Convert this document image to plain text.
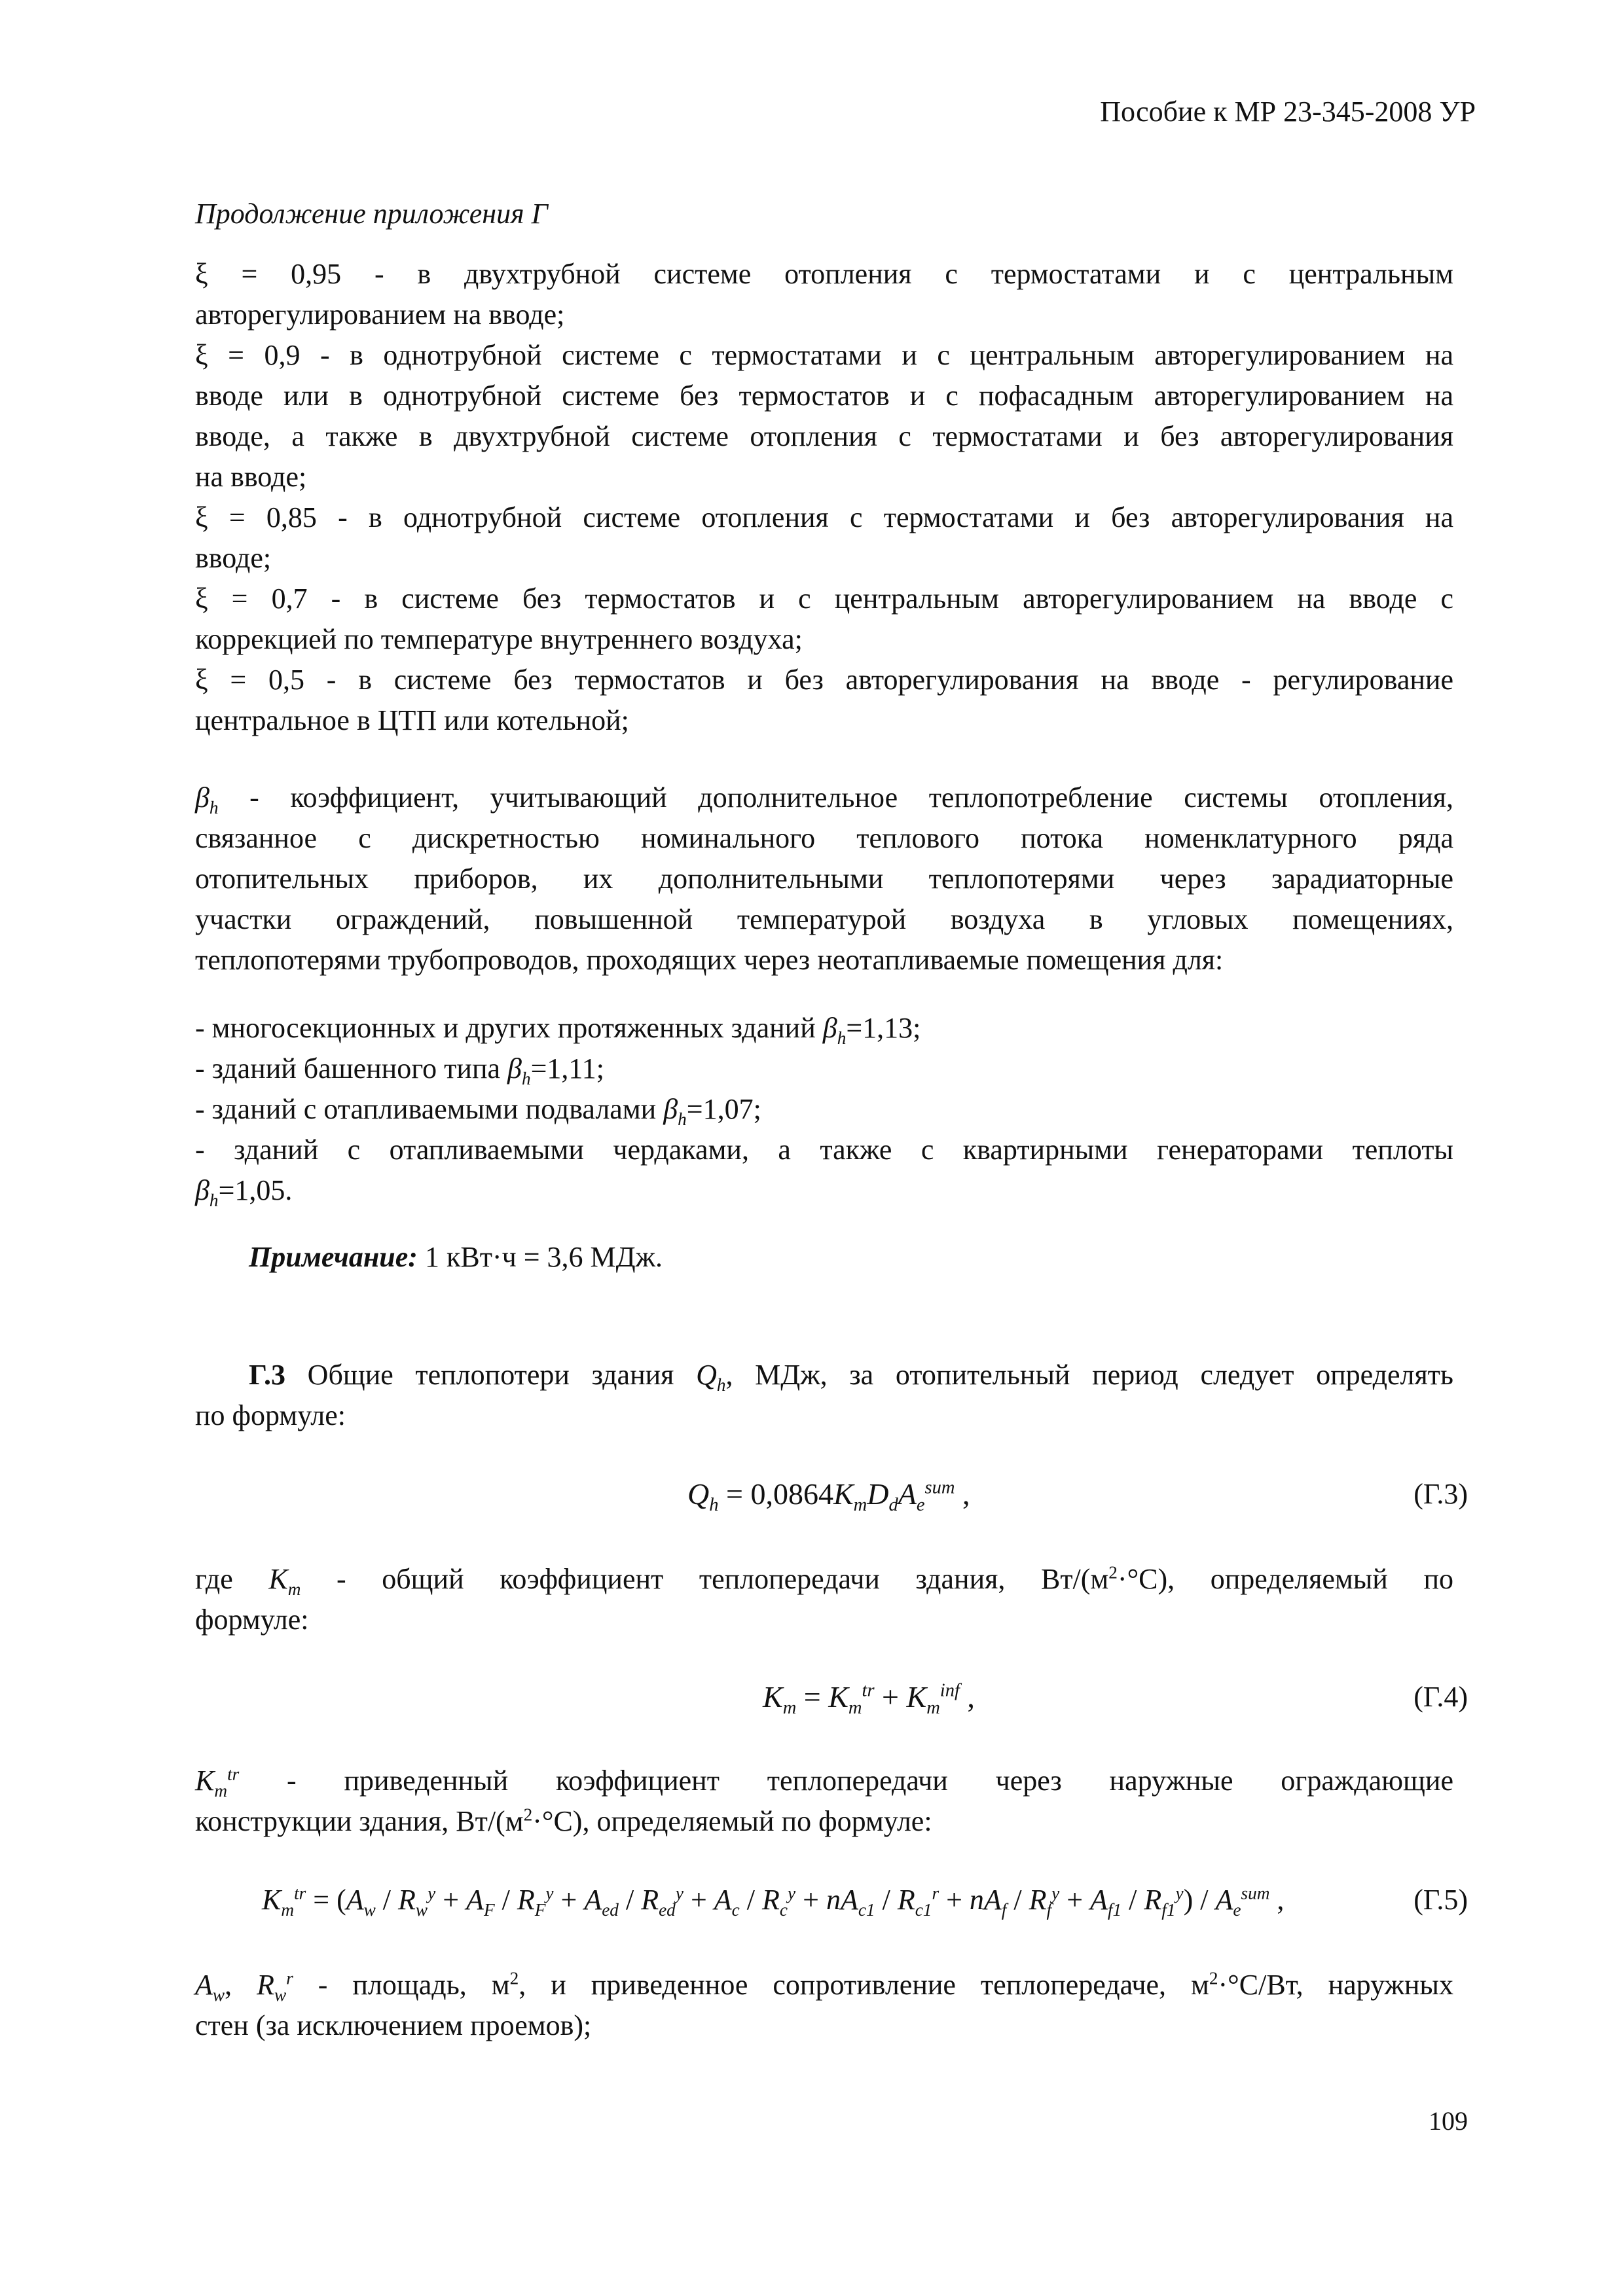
Пособие к МР 23-345-2008 УР
Продолжение приложения Г
ξ = 0,95 - в двухтрубной системе отопления с термостатами и с центральным
авторегулированием на вводе;
ξ = 0,9 - в однотрубной системе с термостатами и с центральным авторегулированием на
вводе или в однотрубной системе без термостатов и с пофасадным авторегулированием на
вводе, а также в двухтрубной системе отопления с термостатами и без авторегулирования
на вводе;
ξ = 0,85 - в однотрубной системе отопления с термостатами и без авторегулирования на
вводе;
ξ = 0,7 - в системе без термостатов и с центральным авторегулированием на вводе с
коррекцией по температуре внутреннего воздуха;
ξ = 0,5 - в системе без термостатов и без авторегулирования на вводе - регулирование
центральное в ЦТП или котельной;
$\beta_h$ - коэффициент, учитывающий дополнительное теплопотребление системы отопления,
связанное с дискретностью номинального теплового потока номенклатурного ряда
отопительных приборов, их дополнительными теплопотерями через зарадиаторные
участки ограждений, повышенной температурой воздуха в угловых помещениях,
теплопотерями трубопроводов, проходящих через неотапливаемые помещения для:
- многосекционных и других протяженных зданий $\beta_h=1,13$;
- зданий башенного типа $\beta_h=1,11$;
- зданий с отапливаемыми подвалами $\beta_h=1,07$;
- зданий с отапливаемыми чердаками, а также с квартирными генераторами теплоты
$\beta_h=1,05$.
Примечание: 1 кВт·ч = 3,6 МДж.
Г.3 Общие теплопотери здания $Q_h$, МДж, за отопительный период следует определять
по формуле:
$Q_h = 0,0864K_mD_dA_e^{sum}$ ,	(Г.3)
где $K_m$ - общий коэффициент теплопередачи здания, $Вт/(м^2\cdot^\circ С)$, определяемый по
формуле:
$K_m = K_m^{tr} + K_m^{inf}$ ,	(Г.4)
$K_m^{tr}$ - приведенный коэффициент теплопередачи через наружные ограждающие
конструкции здания, $Вт/(м^2\cdot^\circ С)$, определяемый по формуле:
$K_m^{tr} = (A_w / R_w^y + A_F / R_F^y + A_{ed} / R_{ed}^y + A_c / R_c^y + nA_{c1} / R_{c1}^r + nA_f / R_f^y + A_{f1} / R_{f1}^y) / A_e^{sum}$ ,	(Г.5)
$A_w$, $R_w^r$ - площадь, $м^2$, и приведенное сопротивление теплопередаче, $м^2\cdot^\circ С/Вт$, наружных
стен (за исключением проемов);
109
